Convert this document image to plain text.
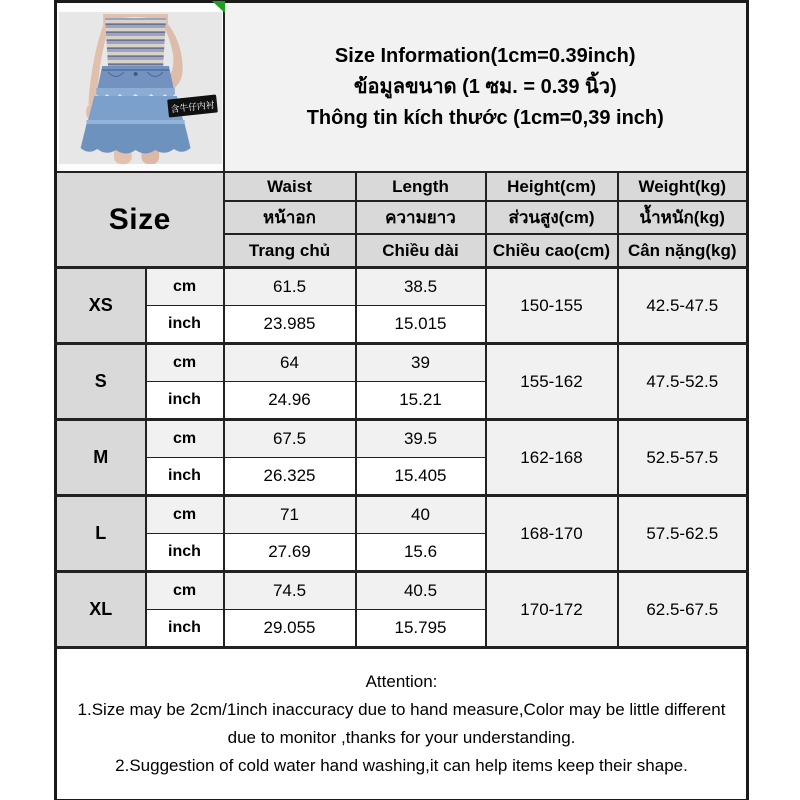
含牛仔内衬		Size Information(1cm=0.39inch)
ข้อมูลขนาด (1 ซม. = 0.39 นิ้ว)
Thông tin kích thước (1cm=0,39 inch)			

Size		Waist	Length	Height(cm)	Weight(kg)
		หน้าอก	ความยาว	ส่วนสูง(cm)	น้ำหนัก(kg)
		Trang chủ	Chiều dài	Chiều cao(cm)	Cân nặng(kg)
XS	cm	61.5	38.5	150-155	42.5-47.5
	inch	23.985	15.015		
S	cm	64	39	155-162	47.5-52.5
	inch	24.96	15.21		
M	cm	67.5	39.5	162-168	52.5-57.5
	inch	26.325	15.405		
L	cm	71	40	168-170	57.5-62.5
	inch	27.69	15.6		
XL	cm	74.5	40.5	170-172	62.5-67.5
	inch	29.055	15.795		

Attention:
1.Size may be 2cm/1inch inaccuracy due to hand measure,Color may be little different
due to monitor ,thanks for your understanding.
2.Suggestion of cold water hand washing,it can help items keep their shape.					
